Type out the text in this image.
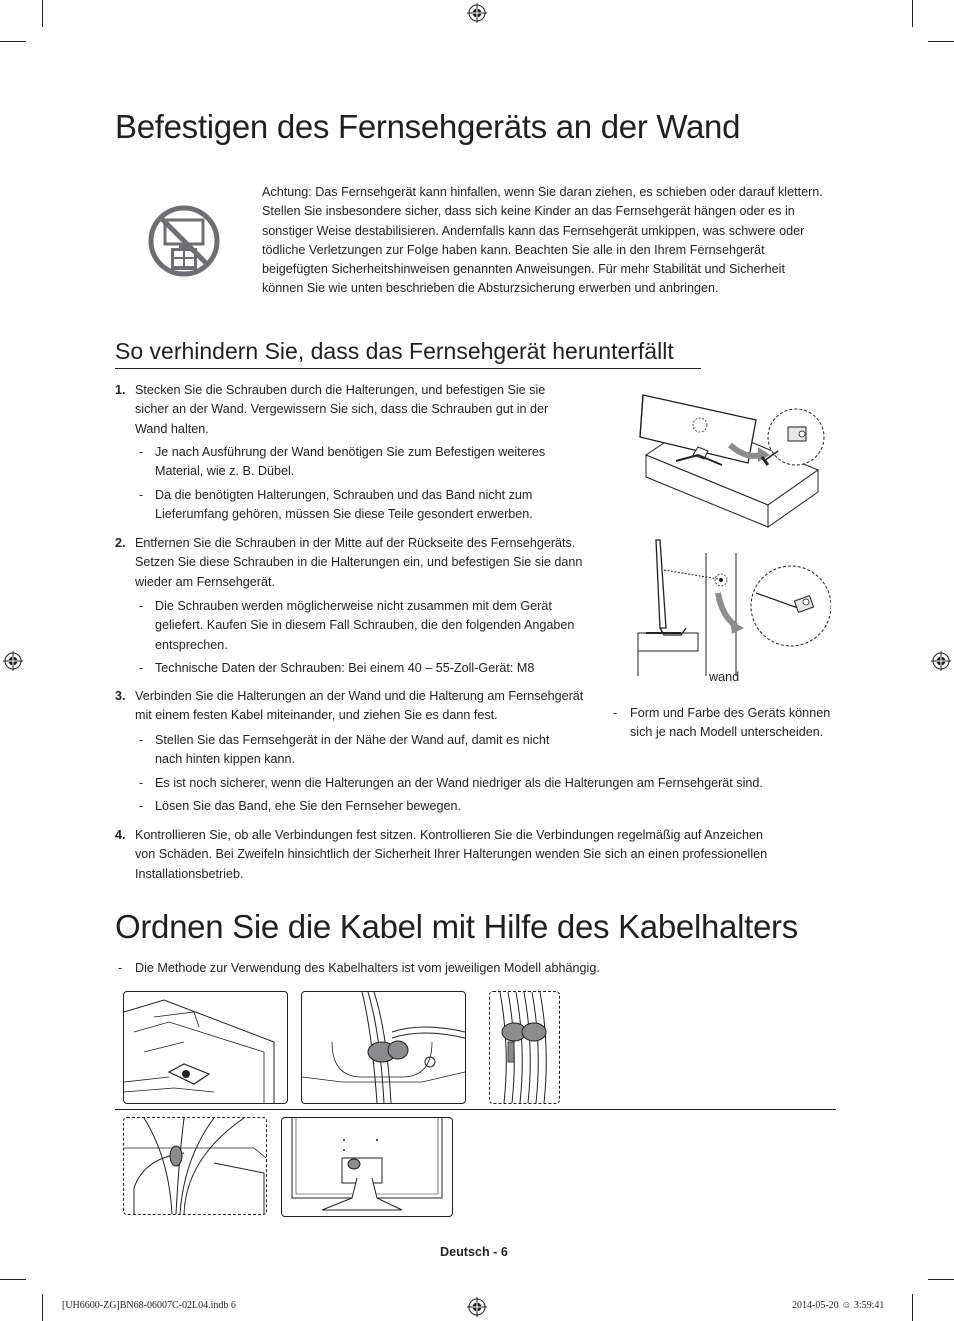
Befestigen des Fernsehgeräts an der Wand
Achtung: Das Fernsehgerät kann hinfallen, wenn Sie daran ziehen, es schieben oder darauf klettern. Stellen Sie insbesondere sicher, dass sich keine Kinder an das Fernsehgerät hängen oder es in sonstiger Weise destabilisieren. Andernfalls kann das Fernsehgerät umkippen, was schwere oder tödliche Verletzungen zur Folge haben kann. Beachten Sie alle in den Ihrem Fernsehgerät beigefügten Sicherheitshinweisen genannten Anweisungen. Für mehr Stabilität und Sicherheit können Sie wie unten beschrieben die Absturzsicherung erwerben und anbringen.
So verhindern Sie, dass das Fernsehgerät herunterfällt
1. Stecken Sie die Schrauben durch die Halterungen, und befestigen Sie sie sicher an der Wand. Vergewissern Sie sich, dass die Schrauben gut in der Wand halten.
- Je nach Ausführung der Wand benötigen Sie zum Befestigen weiteres Material, wie z. B. Dübel.
- Da die benötigten Halterungen, Schrauben und das Band nicht zum Lieferumfang gehören, müssen Sie diese Teile gesondert erwerben.
2. Entfernen Sie die Schrauben in der Mitte auf der Rückseite des Fernsehgeräts. Setzen Sie diese Schrauben in die Halterungen ein, und befestigen Sie sie dann wieder am Fernsehgerät.
- Die Schrauben werden möglicherweise nicht zusammen mit dem Gerät geliefert. Kaufen Sie in diesem Fall Schrauben, die den folgenden Angaben entsprechen.
- Technische Daten der Schrauben: Bei einem 40 – 55-Zoll-Gerät: M8
3. Verbinden Sie die Halterungen an der Wand und die Halterung am Fernsehgerät mit einem festen Kabel miteinander, und ziehen Sie es dann fest.
- Stellen Sie das Fernsehgerät in der Nähe der Wand auf, damit es nicht nach hinten kippen kann.
- Es ist noch sicherer, wenn die Halterungen an der Wand niedriger als die Halterungen am Fernsehgerät sind.
- Lösen Sie das Band, ehe Sie den Fernseher bewegen.
4. Kontrollieren Sie, ob alle Verbindungen fest sitzen. Kontrollieren Sie die Verbindungen regelmäßig auf Anzeichen von Schäden. Bei Zweifeln hinsichtlich der Sicherheit Ihrer Halterungen wenden Sie sich an einen professionellen Installationsbetrieb.
wand
- Form und Farbe des Geräts können sich je nach Modell unterscheiden.
Ordnen Sie die Kabel mit Hilfe des Kabelhalters
- Die Methode zur Verwendung des Kabelhalters ist vom jeweiligen Modell abhängig.
Deutsch - 6
[UH6600-ZG]BN68-06007C-02L04.indb 6	2014-05-20 ☺ 3:59:41
